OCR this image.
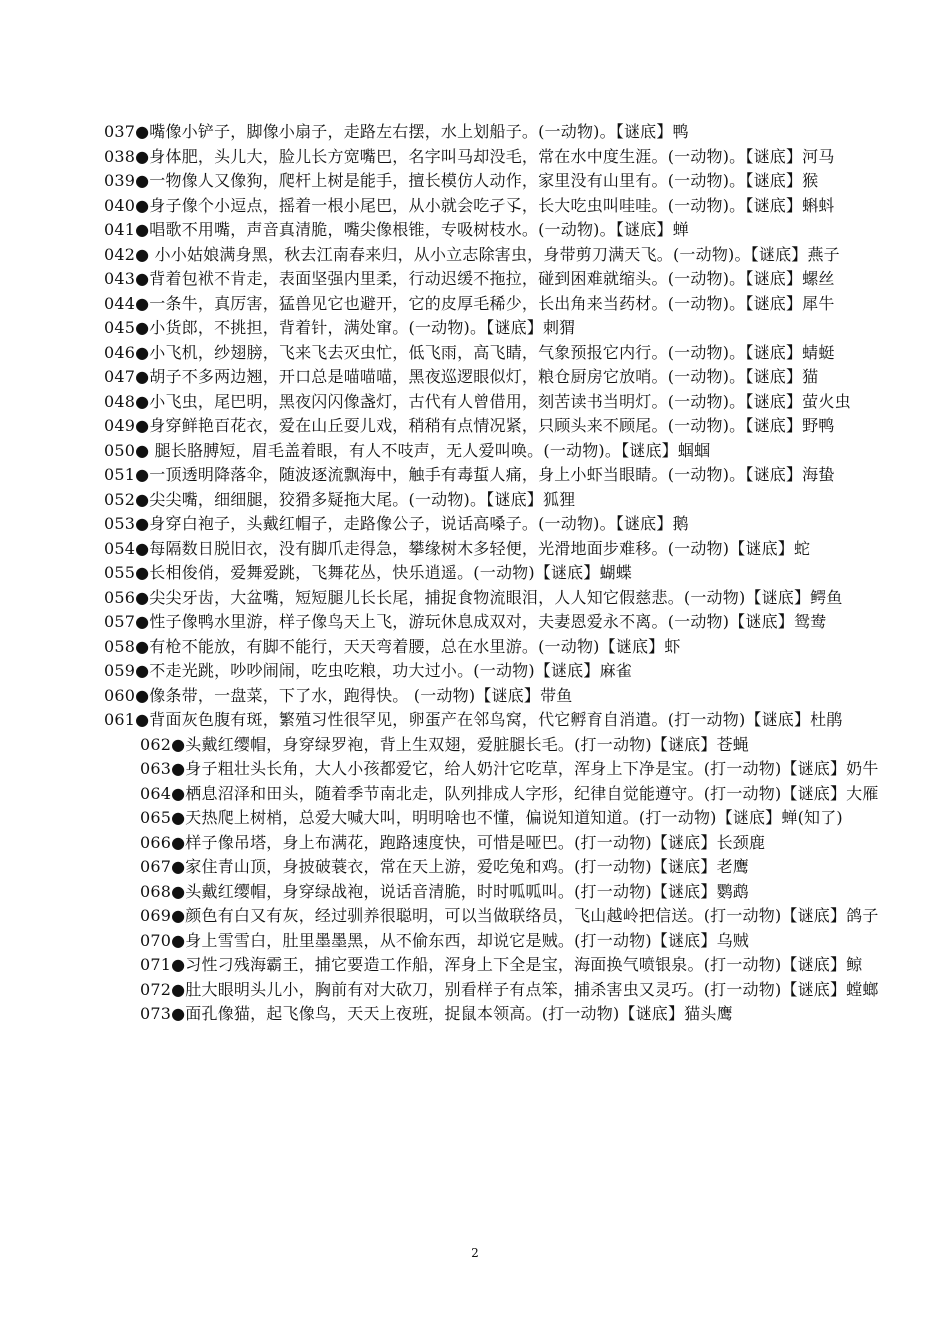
037●嘴像小铲子，脚像小扇子，走路左右摆，水上划船子。(一动物)。【谜底】鸭

038●身体肥，头儿大，脸儿长方宽嘴巴，名字叫马却没毛，常在水中度生涯。(一动物)。【谜底】河马

039●一物像人又像狗，爬杆上树是能手，擅长模仿人动作，家里没有山里有。(一动物)。【谜底】猴

040●身子像个小逗点，摇着一根小尾巴，从小就会吃孑孓，长大吃虫叫哇哇。(一动物)。【谜底】蝌蚪

041●唱歌不用嘴，声音真清脆，嘴尖像根锥，专吸树枝水。(一动物)。【谜底】蝉

042● 小小姑娘满身黑，秋去江南春来归，从小立志除害虫，身带剪刀满天飞。(一动物)。【谜底】燕子

043●背着包袱不肯走，表面坚强内里柔，行动迟缓不拖拉，碰到困难就缩头。(一动物)。【谜底】螺丝

044●一条牛，真厉害，猛兽见它也避开，它的皮厚毛稀少，长出角来当药材。(一动物)。【谜底】犀牛

045●小货郎，不挑担，背着针，满处窜。(一动物)。【谜底】刺猬

046●小飞机，纱翅膀，飞来飞去灭虫忙，低飞雨，高飞睛，气象预报它内行。(一动物)。【谜底】蜻蜓

047●胡子不多两边翘，开口总是喵喵喵，黑夜巡逻眼似灯，粮仓厨房它放哨。(一动物)。【谜底】猫

048●小飞虫，尾巴明，黑夜闪闪像盏灯，古代有人曾借用，刻苦读书当明灯。(一动物)。【谜底】萤火虫

049●身穿鲜艳百花衣，爱在山丘耍儿戏，稍稍有点情况紧，只顾头来不顾尾。(一动物)。【谜底】野鸭

050● 腿长胳膊短，眉毛盖着眼，有人不吱声，无人爱叫唤。(一动物)。【谜底】蝈蝈

051●一顶透明降落伞，随波逐流飘海中，触手有毒蜇人痛，身上小虾当眼睛。(一动物)。【谜底】海蛰

052●尖尖嘴，细细腿，狡猾多疑拖大尾。(一动物)。【谜底】狐狸

053●身穿白袍子，头戴红帽子，走路像公子，说话高嗓子。(一动物)。【谜底】鹅

054●每隔数日脱旧衣，没有脚爪走得急，攀缘树木多轻便，光滑地面步难移。(一动物)【谜底】蛇

055●长相俊俏，爱舞爱跳，飞舞花丛，快乐逍遥。(一动物)【谜底】蝴蝶

056●尖尖牙齿，大盆嘴，短短腿儿长长尾，捕捉食物流眼泪，人人知它假慈悲。(一动物)【谜底】鳄鱼

057●性子像鸭水里游，样子像鸟天上飞，游玩休息成双对，夫妻恩爱永不离。(一动物)【谜底】鸳鸯

058●有枪不能放，有脚不能行，天天弯着腰，总在水里游。(一动物)【谜底】虾

059●不走光跳，吵吵闹闹，吃虫吃粮，功大过小。(一动物)【谜底】麻雀

060●像条带，一盘菜，下了水，跑得快。 (一动物)【谜底】带鱼

061●背面灰色腹有斑，繁殖习性很罕见，卵蛋产在邻鸟窝，代它孵育自消遣。(打一动物)【谜底】杜鹃

062●头戴红缨帽，身穿绿罗袍，背上生双翅，爱脏腿长毛。(打一动物)【谜底】苍蝇

063●身子粗壮头长角，大人小孩都爱它，给人奶汁它吃草，浑身上下净是宝。(打一动物)【谜底】奶牛

064●栖息沼泽和田头，随着季节南北走，队列排成人字形，纪律自觉能遵守。(打一动物)【谜底】大雁

065●天热爬上树梢，总爱大喊大叫，明明啥也不懂，偏说知道知道。(打一动物)【谜底】蝉(知了)

066●样子像吊塔，身上布满花，跑路速度快，可惜是哑巴。(打一动物)【谜底】长颈鹿

067●家住青山顶，身披破蓑衣，常在天上游，爱吃兔和鸡。(打一动物)【谜底】老鹰

068●头戴红缨帽，身穿绿战袍，说话音清脆，时时呱呱叫。(打一动物)【谜底】鹦鹉

069●颜色有白又有灰，经过驯养很聪明，可以当做联络员，飞山越岭把信送。(打一动物)【谜底】鸽子

070●身上雪雪白，肚里墨墨黑，从不偷东西，却说它是贼。(打一动物)【谜底】乌贼

071●习性刁残海霸王，捕它要造工作船，浑身上下全是宝，海面换气喷银泉。(打一动物)【谜底】鲸

072●肚大眼明头儿小，胸前有对大砍刀，别看样子有点笨，捕杀害虫又灵巧。(打一动物)【谜底】螳螂

073●面孔像猫，起飞像鸟，天天上夜班，捉鼠本领高。(打一动物)【谜底】猫头鹰

2
